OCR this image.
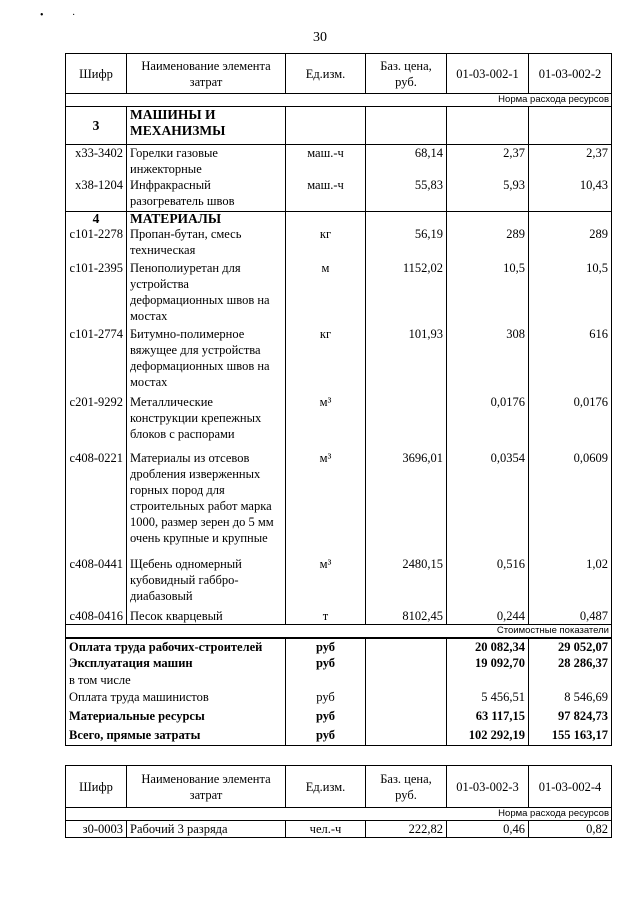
•	·
30
Шифр	Наименование элемента затрат	Ед.изм.	Баз. цена, руб.	01-03-002-1	01-03-002-2
Норма расхода ресурсов					
3	МАШИНЫ И МЕХАНИЗМЫ				
х33-3402	Горелки газовые инжекторные	маш.-ч	68,14	2,37	2,37
х38-1204	Инфракрасный разогреватель швов	маш.-ч	55,83	5,93	10,43
4	МАТЕРИАЛЫ				
с101-2278	Пропан-бутан, смесь техническая	кг	56,19	289	289
с101-2395	Пенополиуретан для устройства деформационных швов на мостах	м	1152,02	10,5	10,5
с101-2774	Битумно-полимерное вяжущее для устройства деформационных швов на мостах	кг	101,93	308	616
с201-9292	Металлические конструкции крепежных блоков с распорами	м³		0,0176	0,0176
с408-0221	Материалы из отсевов дробления изверженных горных пород для строительных работ марка 1000, размер зерен до 5 мм очень крупные и крупные	м³	3696,01	0,0354	0,0609
с408-0441	Щебень одномерный кубовидный габбро-диабазовый	м³	2480,15	0,516	1,02
с408-0416	Песок кварцевый	т	8102,45	0,244	0,487
Стоимостные показатели					
Оплата труда рабочих-строителей		руб		20 082,34	29 052,07
Эксплуатация машин		руб		19 092,70	28 286,37
в том числе					
Оплата труда машинистов		руб		5 456,51	8 546,69
Материальные ресурсы		руб		63 117,15	97 824,73
Всего, прямые затраты		руб		102 292,19	155 163,17
Шифр	Наименование элемента затрат	Ед.изм.	Баз. цена, руб.	01-03-002-3	01-03-002-4
Норма расхода ресурсов					
з0-0003	Рабочий 3 разряда	чел.-ч	222,82	0,46	0,82
